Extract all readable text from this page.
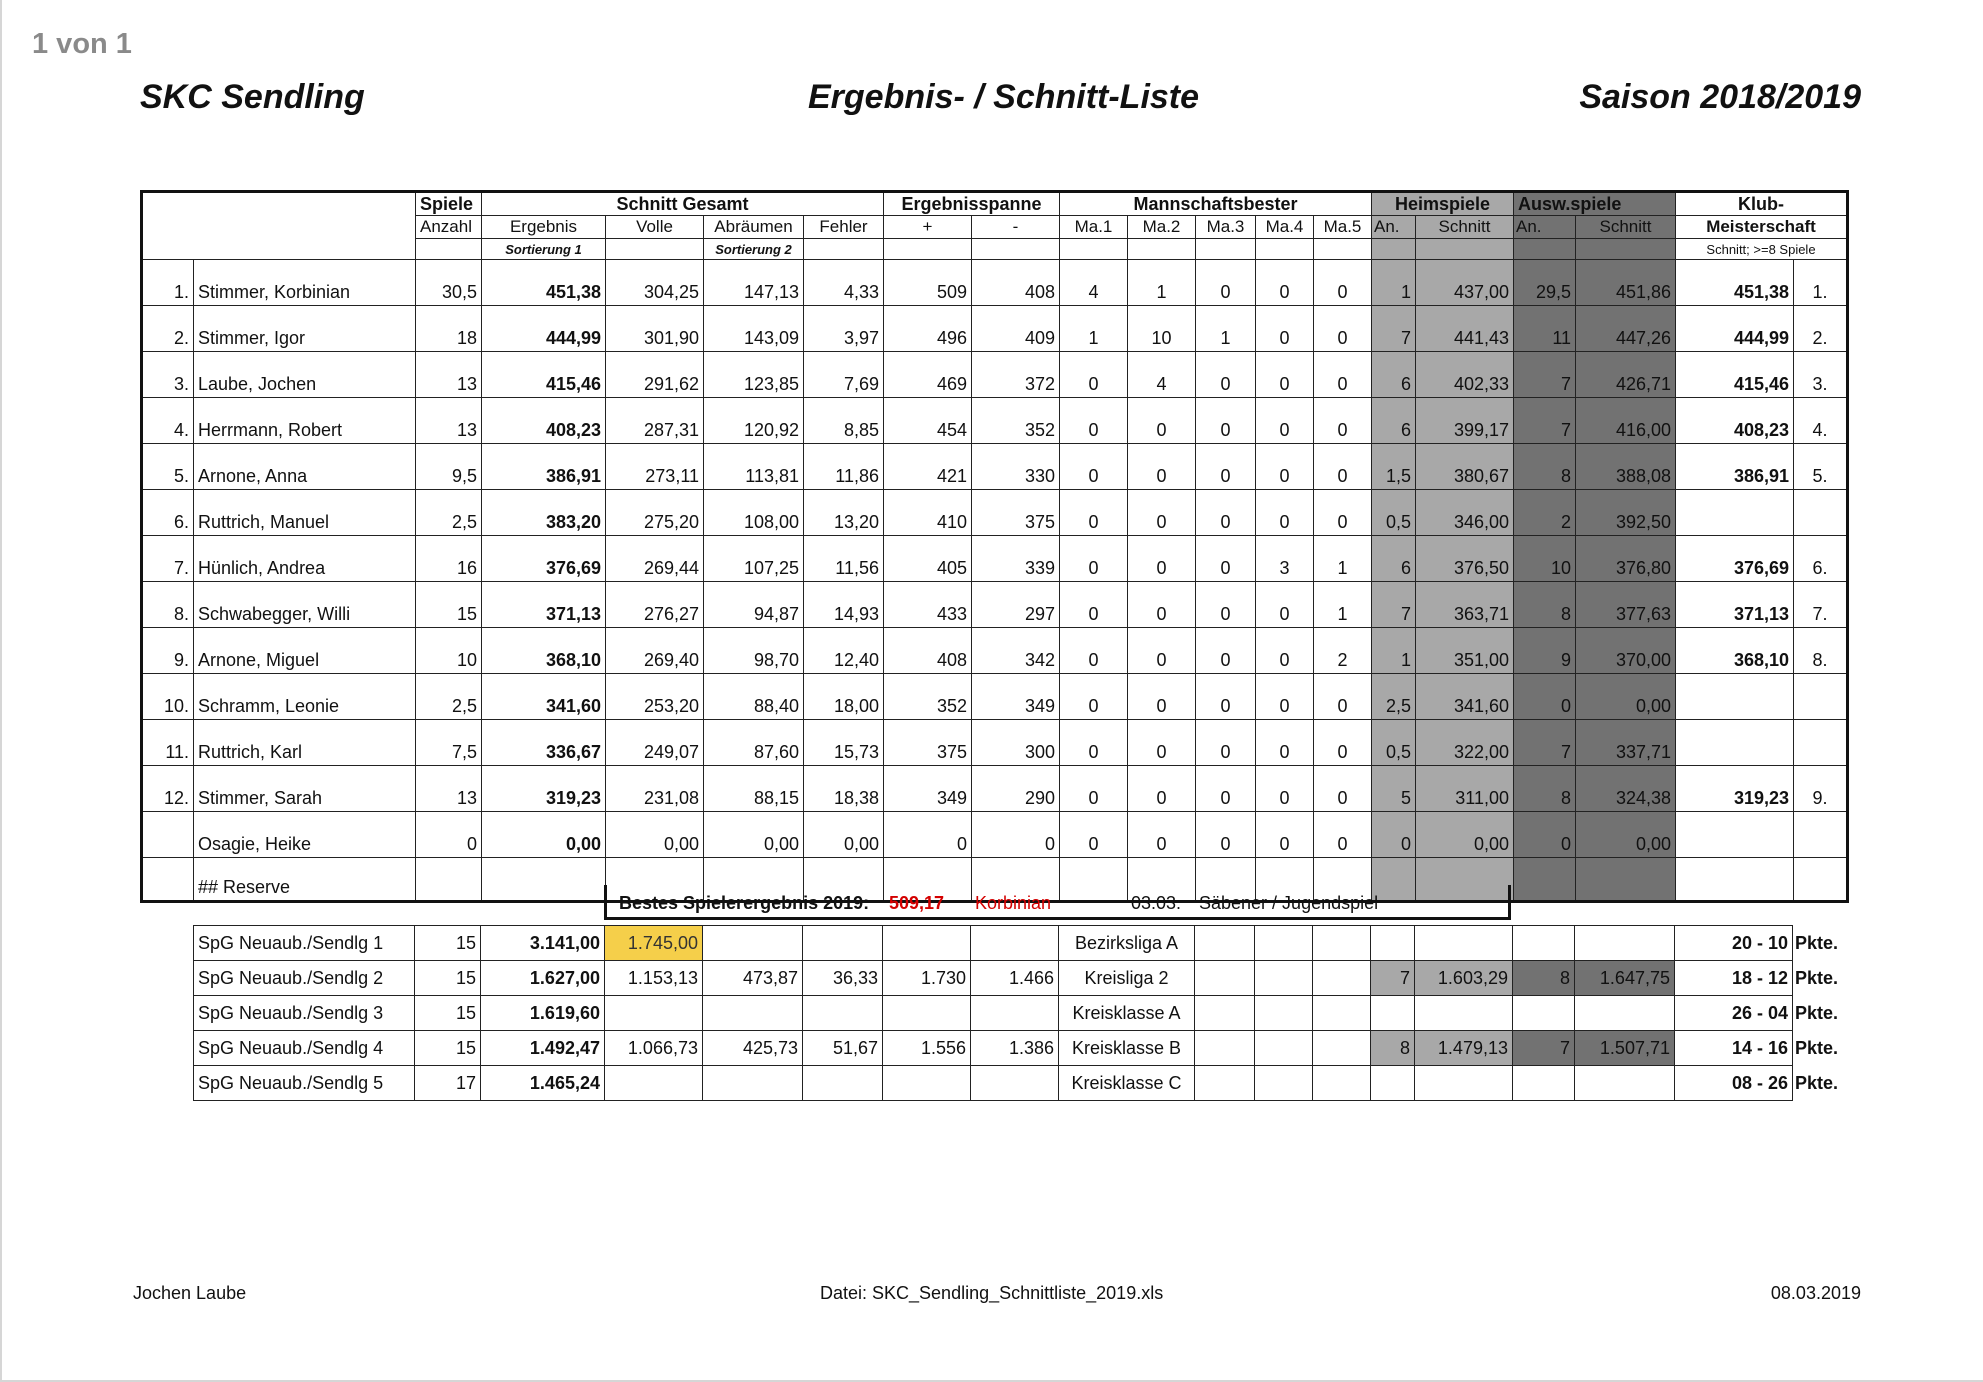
1 von 1
SKC Sendling	Ergebnis- / Schnitt-Liste	Saison 2018/2019
		Spiele	Schnitt Gesamt				Ergebnisspanne		Mannschaftsbester					Heimspiele		Ausw.spiele		Klub-	
		Anzahl	Ergebnis	Volle	Abräumen	Fehler	+	-	Ma.1	Ma.2	Ma.3	Ma.4	Ma.5	An.	Schnitt	An.	Schnitt	Meisterschaft	
			Sortierung 1		Sortierung 2													Schnitt; >=8 Spiele	
1.	Stimmer, Korbinian	30,5	451,38	304,25	147,13	4,33	509	408	4	1	0	0	0	1	437,00	29,5	451,86	451,38	1.
2.	Stimmer, Igor	18	444,99	301,90	143,09	3,97	496	409	1	10	1	0	0	7	441,43	11	447,26	444,99	2.
3.	Laube, Jochen	13	415,46	291,62	123,85	7,69	469	372	0	4	0	0	0	6	402,33	7	426,71	415,46	3.
4.	Herrmann, Robert	13	408,23	287,31	120,92	8,85	454	352	0	0	0	0	0	6	399,17	7	416,00	408,23	4.
5.	Arnone, Anna	9,5	386,91	273,11	113,81	11,86	421	330	0	0	0	0	0	1,5	380,67	8	388,08	386,91	5.
6.	Ruttrich, Manuel	2,5	383,20	275,20	108,00	13,20	410	375	0	0	0	0	0	0,5	346,00	2	392,50		
7.	Hünlich, Andrea	16	376,69	269,44	107,25	11,56	405	339	0	0	0	3	1	6	376,50	10	376,80	376,69	6.
8.	Schwabegger, Willi	15	371,13	276,27	94,87	14,93	433	297	0	0	0	0	1	7	363,71	8	377,63	371,13	7.
9.	Arnone, Miguel	10	368,10	269,40	98,70	12,40	408	342	0	0	0	0	2	1	351,00	9	370,00	368,10	8.
10.	Schramm, Leonie	2,5	341,60	253,20	88,40	18,00	352	349	0	0	0	0	0	2,5	341,60	0	0,00		
11.	Ruttrich, Karl	7,5	336,67	249,07	87,60	15,73	375	300	0	0	0	0	0	0,5	322,00	7	337,71		
12.	Stimmer, Sarah	13	319,23	231,08	88,15	18,38	349	290	0	0	0	0	0	5	311,00	8	324,38	319,23	9.
	Osagie, Heike	0	0,00	0,00	0,00	0,00	0	0	0	0	0	0	0	0	0,00	0	0,00		
	## Reserve																		
Bestes Spielerergebnis 2019: 509,17 Korbinian	03.03. Säbener / Jugendspiel
SpG Neuaub./Sendlg 1	15	3.141,00	1.745,00					Bezirksliga A								20 - 10	Pkte.
SpG Neuaub./Sendlg 2	15	1.627,00	1.153,13	473,87	36,33	1.730	1.466	Kreisliga 2				7	1.603,29	8	1.647,75	18 - 12	Pkte.
SpG Neuaub./Sendlg 3	15	1.619,60						Kreisklasse A								26 - 04	Pkte.
SpG Neuaub./Sendlg 4	15	1.492,47	1.066,73	425,73	51,67	1.556	1.386	Kreisklasse B				8	1.479,13	7	1.507,71	14 - 16	Pkte.
SpG Neuaub./Sendlg 5	17	1.465,24						Kreisklasse C								08 - 26	Pkte.
Jochen Laube	Datei: SKC_Sendling_Schnittliste_2019.xls	08.03.2019
